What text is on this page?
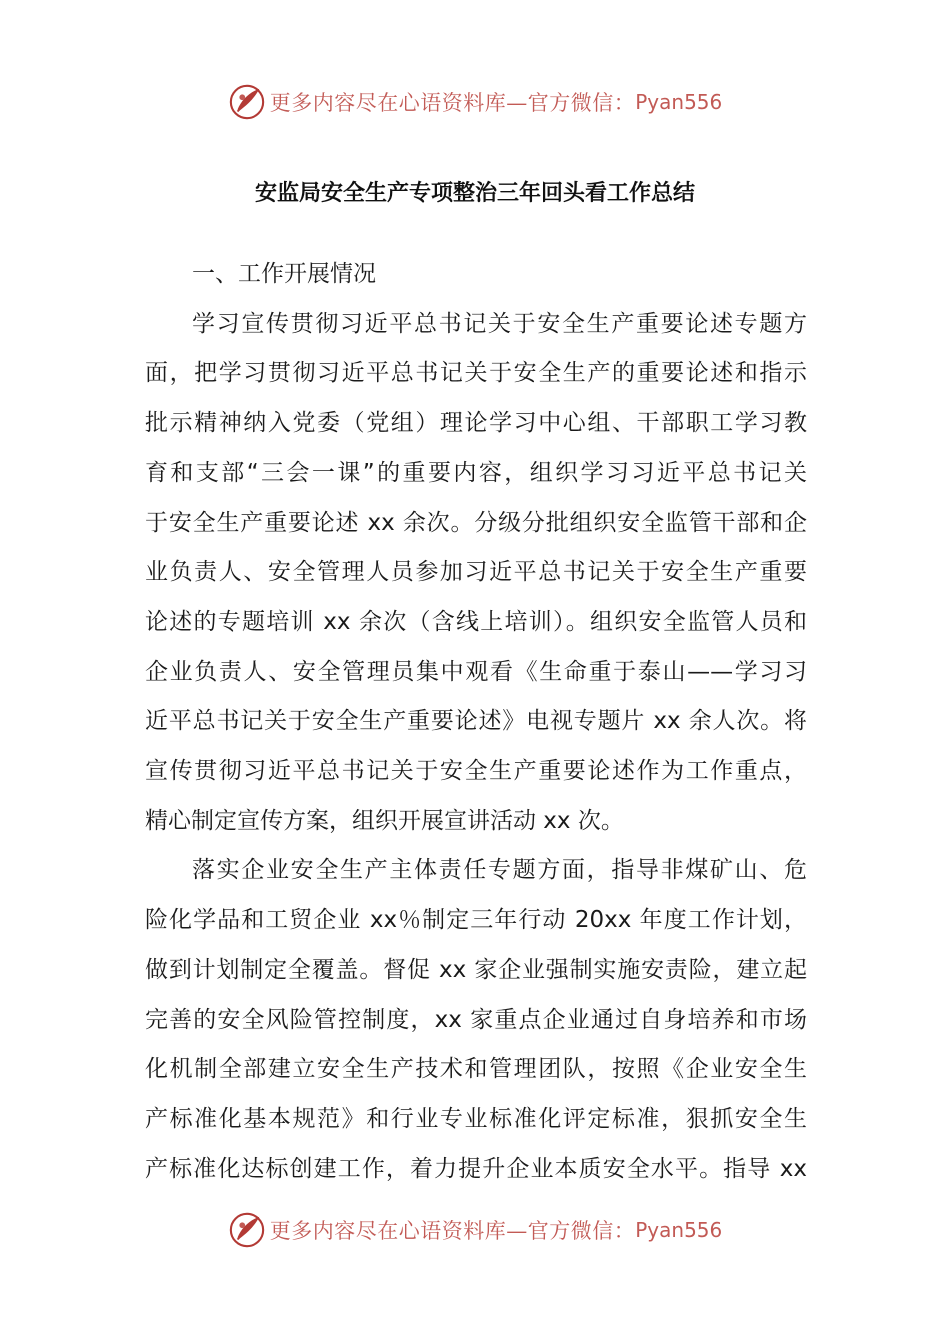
更多内容尽在心语资料库—官方微信： Pyan556
安监局安全生产专项整治三年回头看工作总结

一、工作开展情况

学习宣传贯彻习近平总书记关于安全生产重要论述专题方
面，把学习贯彻习近平总书记关于安全生产的重要论述和指示
批示精神纳入党委（党组）理论学习中心组、干部职工学习教
育和支部“三会一课”的重要内容，组织学习习近平总书记关
于安全生产重要论述 xx 余次。分级分批组织安全监管干部和企
业负责人、安全管理人员参加习近平总书记关于安全生产重要
论述的专题培训 xx 余次（含线上培训）。组织安全监管人员和
企业负责人、安全管理员集中观看《生命重于泰山——学习习
近平总书记关于安全生产重要论述》电视专题片 xx 余人次。将
宣传贯彻习近平总书记关于安全生产重要论述作为工作重点，
精心制定宣传方案，组织开展宣讲活动 xx 次。
落实企业安全生产主体责任专题方面，指导非煤矿山、危
险化学品和工贸企业 xx％制定三年行动 20xx 年度工作计划，
做到计划制定全覆盖。督促 xx 家企业强制实施安责险，建立起
完善的安全风险管控制度，xx 家重点企业通过自身培养和市场
化机制全部建立安全生产技术和管理团队，按照《企业安全生
产标准化基本规范》和行业专业标准化评定标准，狠抓安全生
产标准化达标创建工作，着力提升企业本质安全水平。指导 xx
更多内容尽在心语资料库—官方微信： Pyan556
